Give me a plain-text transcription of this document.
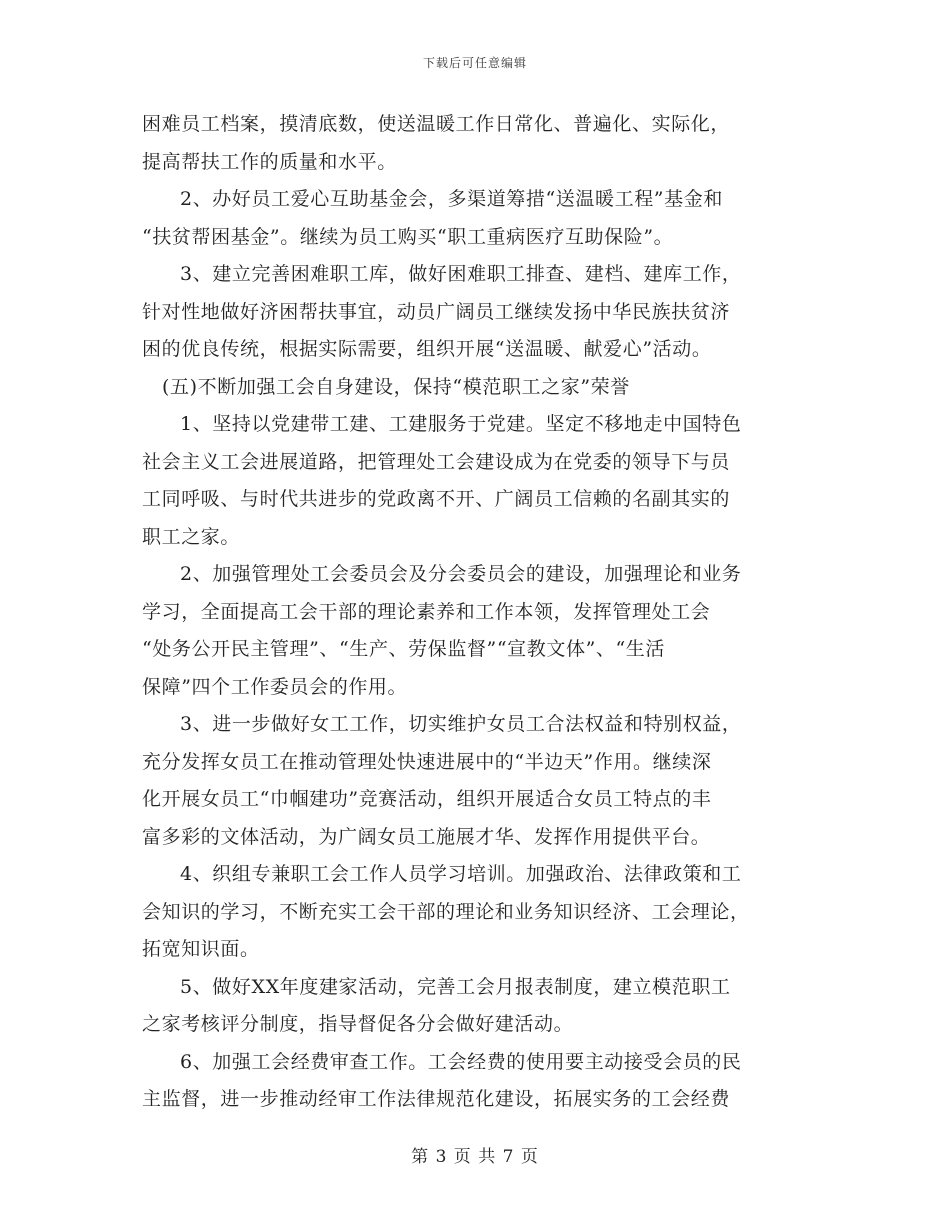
下载后可任意编辑
困难员工档案，摸清底数，使送温暖工作日常化、普遍化、实际化，
提高帮扶工作的质量和水平。
2、办好员工爱心互助基金会，多渠道筹措“送温暖工程”基金和
“扶贫帮困基金”。继续为员工购买“职工重病医疗互助保险”。
3、建立完善困难职工库，做好困难职工排查、建档、建库工作，
针对性地做好济困帮扶事宜，动员广阔员工继续发扬中华民族扶贫济
困的优良传统，根据实际需要，组织开展“送温暖、献爱心”活动。
(五)不断加强工会自身建设，保持“模范职工之家”荣誉
1、坚持以党建带工建、工建服务于党建。坚定不移地走中国特色
社会主义工会进展道路，把管理处工会建设成为在党委的领导下与员
工同呼吸、与时代共进步的党政离不开、广阔员工信赖的名副其实的
职工之家。
2、加强管理处工会委员会及分会委员会的建设，加强理论和业务
学习，全面提高工会干部的理论素养和工作本领，发挥管理处工会
“处务公开民主管理”、“生产、劳保监督”“宣教文体”、“生活
保障”四个工作委员会的作用。
3、进一步做好女工工作，切实维护女员工合法权益和特别权益，
充分发挥女员工在推动管理处快速进展中的“半边天”作用。继续深
化开展女员工“巾帼建功”竞赛活动，组织开展适合女员工特点的丰
富多彩的文体活动，为广阔女员工施展才华、发挥作用提供平台。
4、织组专兼职工会工作人员学习培训。加强政治、法律政策和工
会知识的学习，不断充实工会干部的理论和业务知识经济、工会理论，
拓宽知识面。
5、做好XX年度建家活动，完善工会月报表制度，建立模范职工
之家考核评分制度，指导督促各分会做好建活动。
6、加强工会经费审查工作。工会经费的使用要主动接受会员的民
主监督，进一步推动经审工作法律规范化建设，拓展实务的工会经费
第 3 页 共 7 页
